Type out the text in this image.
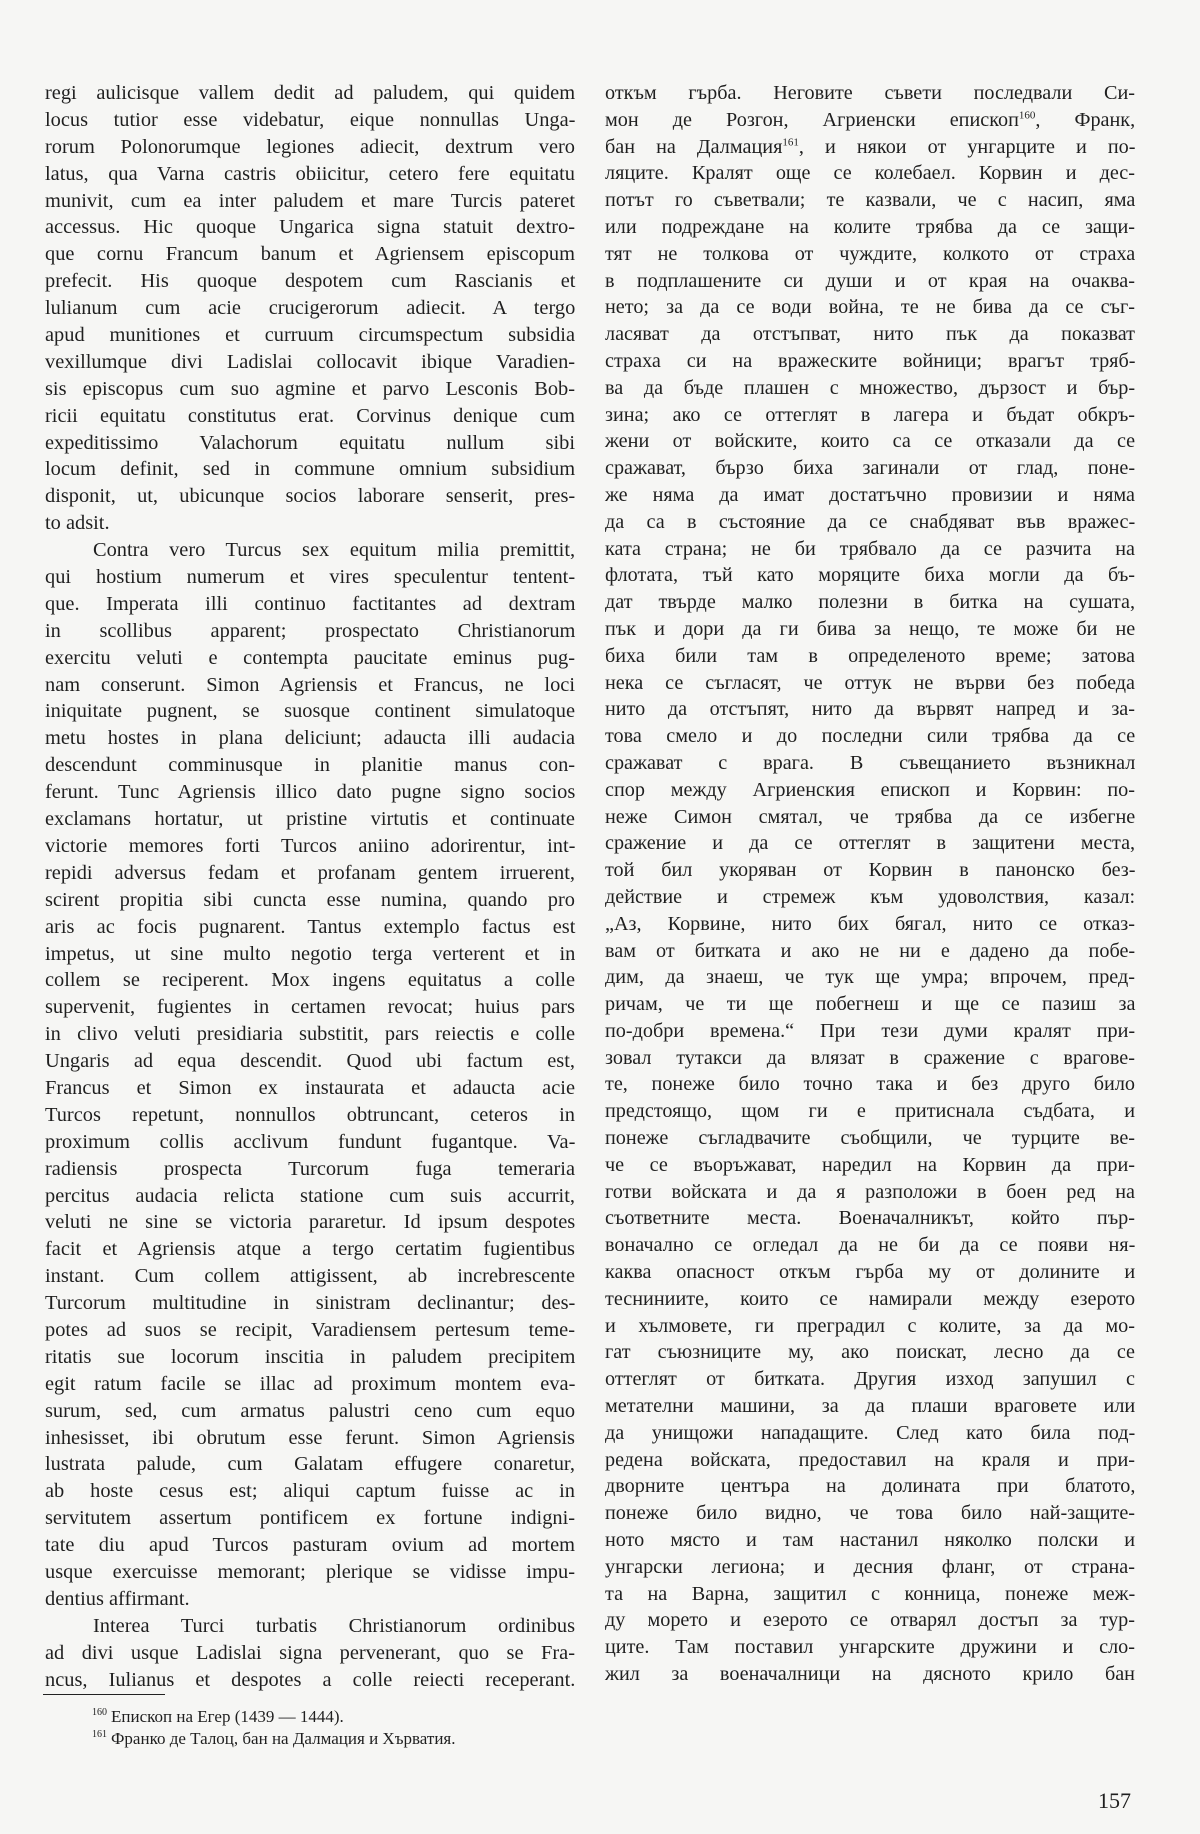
regi aulicisque vallem dedit ad paludem, qui quidem
locus tutior esse videbatur, eique nonnullas Unga-
rorum Polonorumque legiones adiecit, dextrum vero
latus, qua Varna castris obiicitur, cetero fere equitatu
munivit, cum ea inter paludem et mare Turcis pateret
accessus. Hic quoque Ungarica signa statuit dextro-
que cornu Francum banum et Agriensem episcopum
prefecit. His quoque despotem cum Rascianis et
lulianum cum acie crucigerorum adiecit. A tergo
apud munitiones et curruum circumspectum subsidia
vexillumque divi Ladislai collocavit ibique Varadien-
sis episcopus cum suo agmine et parvo Lesconis Bob-
ricii equitatu constitutus erat. Corvinus denique cum
expeditissimo Valachorum equitatu nullum sibi
locum definit, sed in commune omnium subsidium
disponit, ut, ubicunque socios laborare senserit, pres-
to adsit.
Contra vero Turcus sex equitum milia premittit,
qui hostium numerum et vires speculentur tentent-
que. Imperata illi continuo factitantes ad dextram
in scollibus apparent; prospectato Christianorum
exercitu veluti e contempta paucitate eminus pug-
nam conserunt. Simon Agriensis et Francus, ne loci
iniquitate pugnent, se suosque continent simulatoque
metu hostes in plana deliciunt; adaucta illi audacia
descendunt comminusque in planitie manus con-
ferunt. Tunc Agriensis illico dato pugne signo socios
exclamans hortatur, ut pristine virtutis et continuate
victorie memores forti Turcos aniino adorirentur, int-
repidi adversus fedam et profanam gentem irruerent,
scirent propitia sibi cuncta esse numina, quando pro
aris ac focis pugnarent. Tantus extemplo factus est
impetus, ut sine multo negotio terga verterent et in
collem se reciperent. Mox ingens equitatus a colle
supervenit, fugientes in certamen revocat; huius pars
in clivo veluti presidiaria substitit, pars reiectis e colle
Ungaris ad equa descendit. Quod ubi factum est,
Francus et Simon ex instaurata et adaucta acie
Turcos repetunt, nonnullos obtruncant, ceteros in
proximum collis acclivum fundunt fugantque. Va-
radiensis prospecta Turcorum fuga temeraria
percitus audacia relicta statione cum suis accurrit,
veluti ne sine se victoria pararetur. Id ipsum despotes
facit et Agriensis atque a tergo certatim fugientibus
instant. Cum collem attigissent, ab increbrescente
Turcorum multitudine in sinistram declinantur; des-
potes ad suos se recipit, Varadiensem pertesum teme-
ritatis sue locorum inscitia in paludem precipitem
egit ratum facile se illac ad proximum montem eva-
surum, sed, cum armatus palustri ceno cum equo
inhesisset, ibi obrutum esse ferunt. Simon Agriensis
lustrata palude, cum Galatam effugere conaretur,
ab hoste cesus est; aliqui captum fuisse ac in
servitutem assertum pontificem ex fortune indigni-
tate diu apud Turcos pasturam ovium ad mortem
usque exercuisse memorant; plerique se vidisse impu-
dentius affirmant.
Interea Turci turbatis Christianorum ordinibus
ad divi usque Ladislai signa pervenerant, quo se Fra-
ncus, Iulianus et despotes a colle reiecti receperant.
откъм гърба. Неговите съвети последвали Си-
мон де Розгон, Агриенски епископ$^{160}$, Франк,
бан на Далмация$^{161}$, и някои от унгарците и по-
ляците. Кралят още се колебаел. Корвин и дес-
потът го съветвали; те казвали, че с насип, яма
или подреждане на колите трябва да се защи-
тят не толкова от чуждите, колкото от страха
в подплашените си души и от края на очаква-
нето; за да се води война, те не бива да се съг-
ласяват да отстъпват, нито пък да показват
страха си на вражеските войници; врагът тряб-
ва да бъде плашен с множество, дързост и бър-
зина; ако се оттеглят в лагера и бъдат обкръ-
жени от войските, които са се отказали да се
сражават, бързо биха загинали от глад, поне-
же няма да имат достатъчно провизии и няма
да са в състояние да се снабдяват във вражес-
ката страна; не би трябвало да се разчита на
флотата, тъй като моряците биха могли да бъ-
дат твърде малко полезни в битка на сушата,
пък и дори да ги бива за нещо, те може би не
биха били там в определеното време; затова
нека се съгласят, че оттук не върви без победа
нито да отстъпят, нито да вървят напред и за-
това смело и до последни сили трябва да се
сражават с врага. В съвещанието възникнал
спор между Агриенския епископ и Корвин: по-
неже Симон смятал, че трябва да се избегне
сражение и да се оттеглят в защитени места,
той бил укоряван от Корвин в панонско без-
действие и стремеж към удоволствия, казал:
„Аз, Корвине, нито бих бягал, нито се отказ-
вам от битката и ако не ни е дадено да побе-
дим, да знаеш, че тук ще умра; впрочем, пред-
ричам, че ти ще побегнеш и ще се пазиш за
по-добри времена.“ При тези думи кралят при-
зовал тутакси да влязат в сражение с врагове-
те, понеже било точно така и без друго било
предстоящо, щом ги е притиснала съдбата, и
понеже съгладвачите съобщили, че турците ве-
че се въоръжават, наредил на Корвин да при-
готви войската и да я разположи в боен ред на
съответните места. Военачалникът, който пър-
воначално се огледал да не би да се появи ня-
каква опасност откъм гърба му от долините и
тесниниите, които се намирали между езерото
и хълмовете, ги преградил с колите, за да мо-
гат съюзниците му, ако поискат, лесно да се
оттеглят от битката. Другия изход запушил с
метателни машини, за да плаши враговете или
да унищожи нападащите. След като била под-
редена войската, предоставил на краля и при-
дворните центъра на долината при блатото,
понеже било видно, че това било най-защите-
ното място и там настанил няколко полски и
унгарски легиона; и десния фланг, от страна-
та на Варна, защитил с конница, понеже меж-
ду морето и езерото се отварял достъп за тур-
ците. Там поставил унгарските дружини и сло-
жил за военачалници на дясното крило бан
$^{160}$ Епископ на Егер (1439 — 1444).
$^{161}$ Франко де Талоц, бан на Далмация и Хърватия.
157
